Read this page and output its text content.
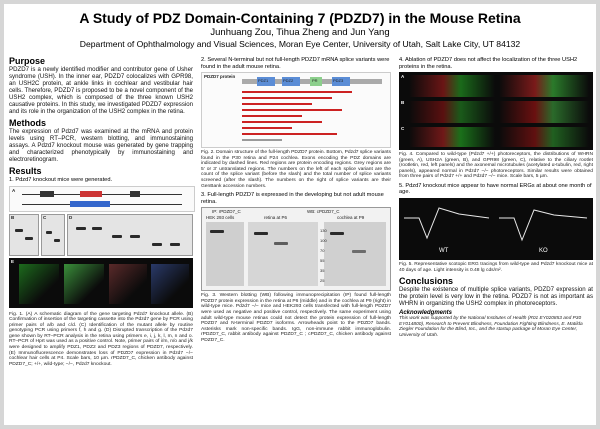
A Study of PDZ Domain-Containing 7 (PDZD7) in the Mouse Retina
Junhuang Zou, Tihua Zheng and Jun Yang
Department of Ophthalmology and Visual Sciences, Moran Eye Center, University of Utah, Salt Lake City, UT 84132
Purpose

PDZD7 is a newly identified modifier and contributor gene of Usher syndrome (USH). In the inner ear, PDZD7 colocalizes with GPR98, an USH2C protein, at ankle links in cochlear and vestibular hair cells. Therefore, PDZD7 is proposed to be a novel component of the USH2 complex, which is composed of the three known USH2 causative proteins. In this study, we investigated PDZD7 expression and its role in the organization of the USH2 complex in the retina.

Methods

The expression of Pdzd7 was examined at the mRNA and protein levels using RT–PCR, western blotting, and immunostaining assays. A Pdzd7 knockout mouse was generated by gene trapping and characterized phenotypically by immunostaining and electroretinogram.

Results
1. Pdzd7 knockout mice were generated.
A
B	C	D
E
Fig. 1. (A) A schematic diagram of the gene targeting Pdzd7 knockout allele. (B) Confirmation of insertion of the targeting cassette into the Pdzd7 gene by PCR using primer pairs of a/b and c/d. (C) Identification of the mutant allele by routine genotyping PCR using primers f, h and g. (D) Disrupted transcription of the Pdzd7 gene shown by RT–PCR analysis in the retina using primers e, i, j, k, l, m, n and o. RT–PCR of Hprt was used as a positive control. Note, primer pairs of i/m, n/o and j/k were designed to amplify PDZ1, PDZ2 and PDZ3 regions of PDZD7, respectively. (E) Immunofluorescence demonstrates loss of PDZD7 expression in Pdzd7 −/− cochlear hair cells at P4. Scale bars, 10 µm. rPDZD7_C, chicken antibody against PDZD7_C; +/+, wild-type; −/−, Pdzd7 knockout.
2. Several N-terminal but not full-length PDZD7 mRNA splice variants were found in the adult mouse retina.
PDZD7 protein
PDZ1	PDZ2	PR	PDZ3
Fig. 2. Domain structure of the full-length PDZD7 protein. Bottom, Pdzd7 splice variants found in the P30 retina and P24 cochlea. Exons encoding the PDZ domains are indicated by dashed lines. Red regions are protein encoding regions. Grey regions are 5' or 3' untranslated regions. The numbers on the left of each splice variant are the count of the splice variant (before the slash) and the total number of splice variants screened (after the slash). The numbers on the right of splice variants are their GenBank accession numbers.
3. Full-length PDZD7 is expressed in the developing but not adult mouse retina.
IP: rPDZD7_C	WB: cPDZD7_C
HEK 293 cells	retina at P6	cochlea at P9
130
100
70
55
35
25
Fig. 3. Western blotting (WB) following immunoprecipitation (IP) found full-length PDZD7 protein expression in the retina at P6 (middle) and in the cochlea at P9 (right) in wild-type mice. Pdzd7 −/− mice and HEK293 cells transfected with full-length PDZD7 were used as negative and positive control, respectively. The same experiment using adult wild-type mouse retinas could not detect the protein expression of full-length PDZD7 and N-terminal PDZD7 isoforms. Arrowheads point to the PDZD7 bands. Asterisks mark non-specific bands. IgG, non-immune rabbit immunoglobulin. rPDZD7_C, rabbit antibody against PDZD7_C ; cPDZD7_C, chicken antibody against PDZD7_C.
4. Ablation of PDZD7 does not affect the localization of the three USH2 proteins in the retina.
A
B
C
Fig. 4. Compared to wild-type (Pdzd7 +/+) photoreceptors, the distributions of WHRN (green, A), USH2A (green, B), and GPR98 (green, C), relative to the ciliary rootlet (rootletin, red, left panels) and the axonemal microtubules (acetylated α-tubulin, red, right panels), appeared normal in Pdzd7 −/− photoreceptors. Similar results were obtained from three pairs of Pdzd7 +/+ and Pdzd7 −/− mice. Scale bars, 5 µm.
5. Pdzd7 knockout mice appear to have normal ERGs at about one month of age.
WT	KO
Fig. 5. Representative scotopic ERG tracings from wild-type and Pdzd7 knockout mice at 40 days of age. Light intensity is 0.48 lg cds/m².
Conclusions

Despite the existence of multiple splice variants, PDZD7 expression at the protein level is very low in the retina. PDZD7 is not as important as WHRN in organizing the USH2 complex in photoreceptors.

Acknowledgments
This work was supported by the National Institutes of Health (R01 EY020853 and P30 EY014800), Research to Prevent Blindness, Foundation Fighting Blindness, E. Matilda Ziegler Foundation for the Blind, Inc., and the startup package of Moran Eye Center, University of Utah.
